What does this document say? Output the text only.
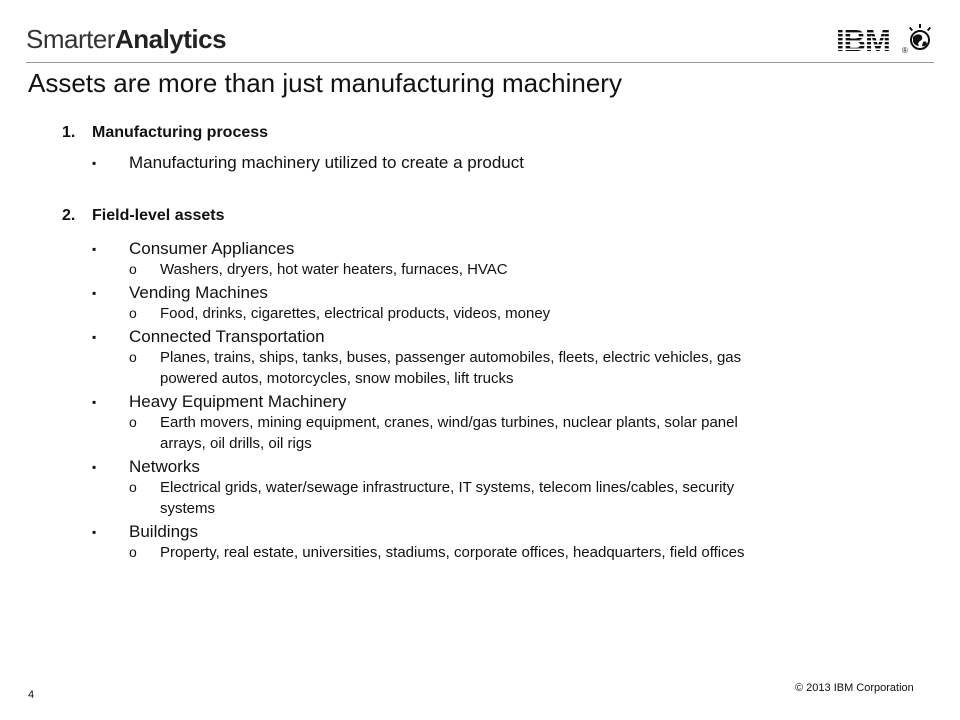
SmarterAnalytics	®
Assets are more than just manufacturing machinery
1. Manufacturing process
▪ Manufacturing machinery utilized to create a product
2. Field-level assets
▪ Consumer Appliances
o Washers, dryers, hot water heaters, furnaces, HVAC
▪ Vending Machines
o Food, drinks, cigarettes, electrical products, videos, money
▪ Connected Transportation
o Planes, trains, ships, tanks, buses, passenger automobiles, fleets, electric vehicles, gas
powered autos, motorcycles, snow mobiles, lift trucks
▪ Heavy Equipment Machinery
o Earth movers, mining equipment, cranes, wind/gas turbines, nuclear plants, solar panel
arrays, oil drills, oil rigs
▪ Networks
o Electrical grids, water/sewage infrastructure, IT systems, telecom lines/cables, security
systems
▪ Buildings
o Property, real estate, universities, stadiums, corporate offices, headquarters, field offices
4
© 2013 IBM Corporation
